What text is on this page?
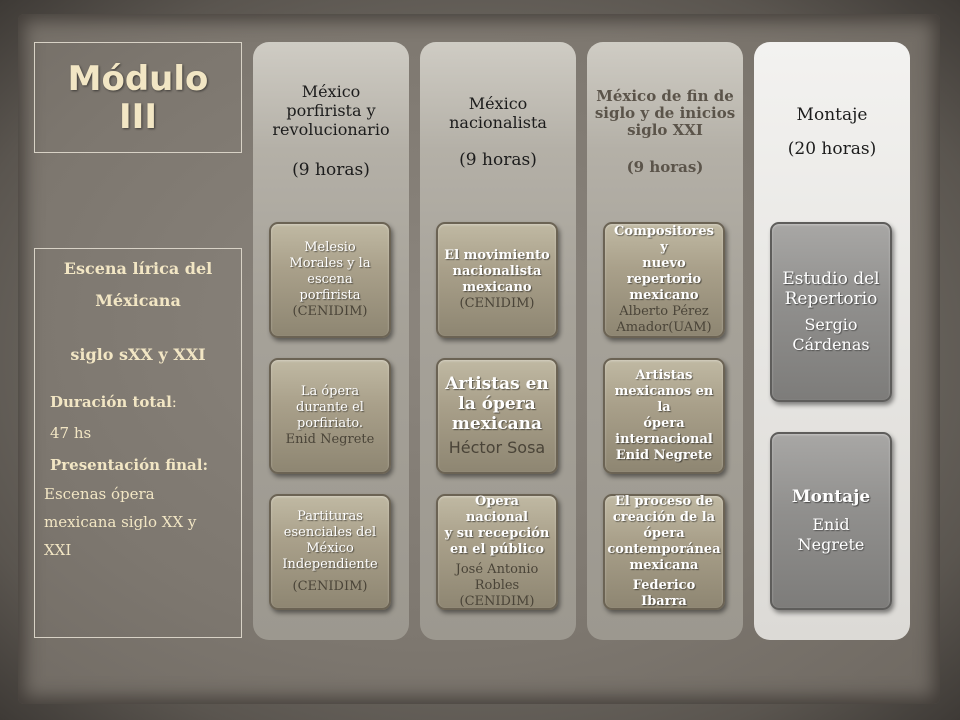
Módulo
III
Escena lírica del
Méxicana
siglo sXX y XXI
Duración total:
47 hs
Presentación final:
Escenas ópera
mexicana siglo XX y
XXI
México
porfirista y
revolucionario
(9 horas)
Melesio
Morales y la
escena
porfirista
(CENIDIM)
La ópera
durante el
porfiriato.
Enid Negrete
Partituras
esenciales del
México
Independiente
(CENIDIM)
México
nacionalista
(9 horas)
El movimiento
nacionalista
mexicano
(CENIDIM)
Artistas en
la ópera
mexicana
Héctor Sosa
Opera nacional
y su recepción
en el público
José Antonio
Robles
(CENIDIM)
México de fin de
siglo y de inicios
siglo XXI
(9 horas)
Compositores y
nuevo
repertorio
mexicano
Alberto Pérez
Amador(UAM)
Artistas
mexicanos en la
ópera
internacional
Enid Negrete
El proceso de
creación de la
ópera
contemporánea
mexicana
Federico Ibarra
Montaje
(20 horas)
Estudio del
Repertorio
Sergio
Cárdenas
Montaje
Enid
Negrete
